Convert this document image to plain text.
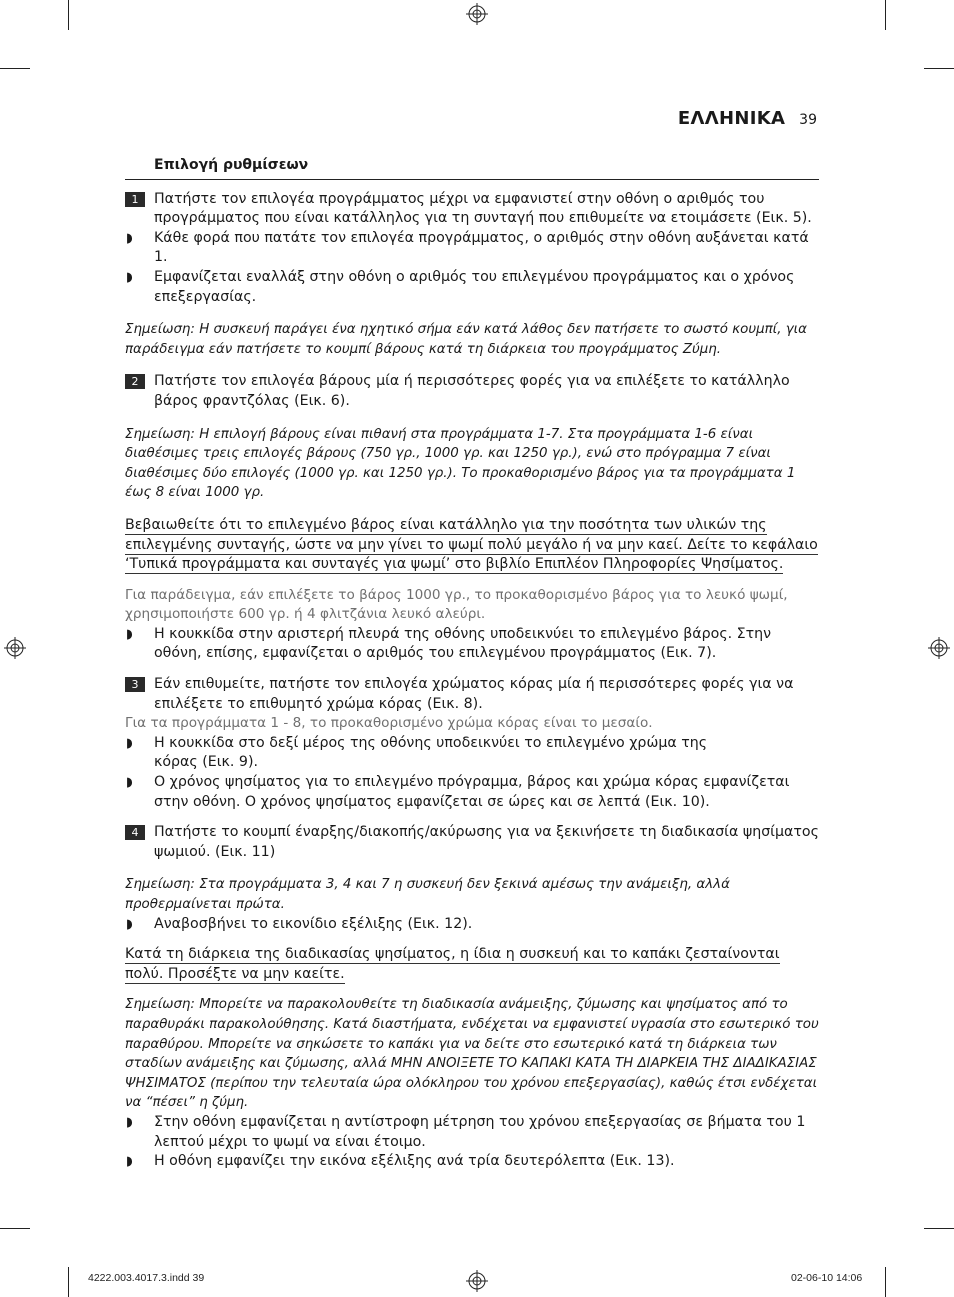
ΕΛΛΗΝΙΚΑ 39
Επιλογή ρυθμίσεων
1	Πατήστε τον επιλογέα προγράμματος μέχρι να εμφανιστεί στην οθόνη ο αριθμός του προγράμματος που είναι κατάλληλος για τη συνταγή που επιθυμείτε να ετοιμάσετε (Εικ. 5).
◗ Κάθε φορά που πατάτε τον επιλογέα προγράμματος, ο αριθμός στην οθόνη αυξάνεται κατά 1.
◗ Εμφανίζεται εναλλάξ στην οθόνη ο αριθμός του επιλεγμένου προγράμματος και ο χρόνος επεξεργασίας.
Σημείωση: Η συσκευή παράγει ένα ηχητικό σήμα εάν κατά λάθος δεν πατήσετε το σωστό κουμπί, για παράδειγμα εάν πατήσετε το κουμπί βάρους κατά τη διάρκεια του προγράμματος Ζύμη.
2	Πατήστε τον επιλογέα βάρους μία ή περισσότερες φορές για να επιλέξετε το κατάλληλο βάρος φραντζόλας (Εικ. 6).
Σημείωση: Η επιλογή βάρους είναι πιθανή στα προγράμματα 1-7. Στα προγράμματα 1-6 είναι διαθέσιμες τρεις επιλογές βάρους (750 γρ., 1000 γρ. και 1250 γρ.), ενώ στο πρόγραμμα 7 είναι διαθέσιμες δύο επιλογές (1000 γρ. και 1250 γρ.). Το προκαθορισμένο βάρος για τα προγράμματα 1 έως 8 είναι 1000 γρ.
Βεβαιωθείτε ότι το επιλεγμένο βάρος είναι κατάλληλο για την ποσότητα των υλικών της επιλεγμένης συνταγής, ώστε να μην γίνει το ψωμί πολύ μεγάλο ή να μην καεί. Δείτε το κεφάλαιο ‘Τυπικά προγράμματα και συνταγές για ψωμί’ στο βιβλίο Επιπλέον Πληροφορίες Ψησίματος.
Για παράδειγμα, εάν επιλέξετε το βάρος 1000 γρ., το προκαθορισμένο βάρος για το λευκό ψωμί, χρησιμοποιήστε 600 γρ. ή 4 φλιτζάνια λευκό αλεύρι.
◗ Η κουκκίδα στην αριστερή πλευρά της οθόνης υποδεικνύει το επιλεγμένο βάρος. Στην οθόνη, επίσης, εμφανίζεται ο αριθμός του επιλεγμένου προγράμματος (Εικ. 7).
3	Εάν επιθυμείτε, πατήστε τον επιλογέα χρώματος κόρας μία ή περισσότερες φορές για να επιλέξετε το επιθυμητό χρώμα κόρας (Εικ. 8).
Για τα προγράμματα 1 - 8, το προκαθορισμένο χρώμα κόρας είναι το μεσαίο.
◗ Η κουκκίδα στο δεξί μέρος της οθόνης υποδεικνύει το επιλεγμένο χρώμα της κόρας (Εικ. 9).
◗ Ο χρόνος ψησίματος για το επιλεγμένο πρόγραμμα, βάρος και χρώμα κόρας εμφανίζεται στην οθόνη. Ο χρόνος ψησίματος εμφανίζεται σε ώρες και σε λεπτά (Εικ. 10).
4	Πατήστε το κουμπί έναρξης/διακοπής/ακύρωσης για να ξεκινήσετε τη διαδικασία ψησίματος ψωμιού. (Εικ. 11)
Σημείωση: Στα προγράμματα 3, 4 και 7 η συσκευή δεν ξεκινά αμέσως την ανάμειξη, αλλά προθερμαίνεται πρώτα.
◗ Αναβοσβήνει το εικονίδιο εξέλιξης (Εικ. 12).
Κατά τη διάρκεια της διαδικασίας ψησίματος, η ίδια η συσκευή και το καπάκι ζεσταίνονται πολύ. Προσέξτε να μην καείτε.
Σημείωση: Μπορείτε να παρακολουθείτε τη διαδικασία ανάμειξης, ζύμωσης και ψησίματος από το παραθυράκι παρακολούθησης. Κατά διαστήματα, ενδέχεται να εμφανιστεί υγρασία στο εσωτερικό του παραθύρου. Μπορείτε να σηκώσετε το καπάκι για να δείτε στο εσωτερικό κατά τη διάρκεια των σταδίων ανάμειξης και ζύμωσης, αλλά ΜΗΝ ΑΝΟΙΞΕΤΕ ΤΟ ΚΑΠΑΚΙ ΚΑΤΑ ΤΗ ΔΙΑΡΚΕΙΑ ΤΗΣ ΔΙΑΔΙΚΑΣΙΑΣ ΨΗΣΙΜΑΤΟΣ (περίπου την τελευταία ώρα ολόκληρου του χρόνου επεξεργασίας), καθώς έτσι ενδέχεται να “πέσει” η ζύμη.
◗ Στην οθόνη εμφανίζεται η αντίστροφη μέτρηση του χρόνου επεξεργασίας σε βήματα του 1 λεπτού μέχρι το ψωμί να είναι έτοιμο.
◗ Η οθόνη εμφανίζει την εικόνα εξέλιξης ανά τρία δευτερόλεπτα (Εικ. 13).
4222.003.4017.3.indd 39	02-06-10 14:06
